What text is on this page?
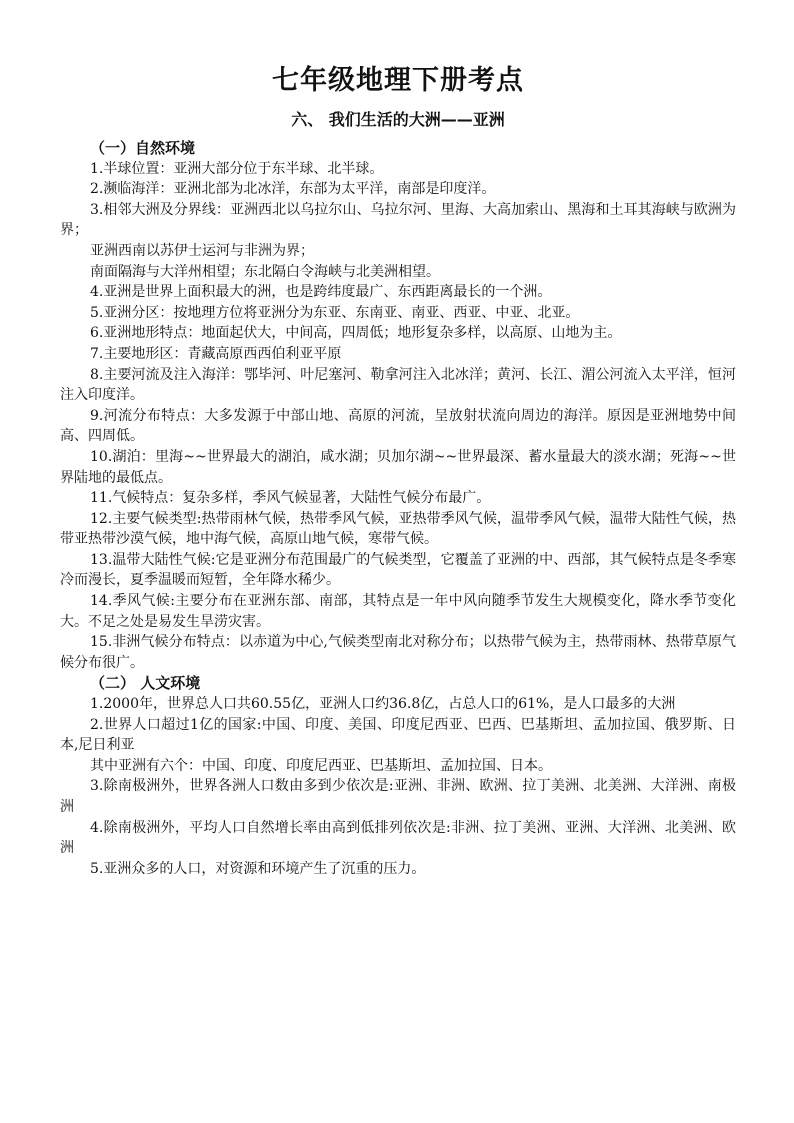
七年级地理下册考点
六、 我们生活的大洲——亚洲
（一）自然环境

1.半球位置：亚洲大部分位于东半球、北半球。

2.濒临海洋：亚洲北部为北冰洋，东部为太平洋，南部是印度洋。

3.相邻大洲及分界线：亚洲西北以乌拉尔山、乌拉尔河、里海、大高加索山、黑海和土耳其海峡与欧洲为界；

亚洲西南以苏伊士运河与非洲为界；

南面隔海与大洋州相望；东北隔白令海峡与北美洲相望。

4.亚洲是世界上面积最大的洲，也是跨纬度最广、东西距离最长的一个洲。

5.亚洲分区：按地理方位将亚洲分为东亚、东南亚、南亚、西亚、中亚、北亚。

6.亚洲地形特点：地面起伏大，中间高，四周低；地形复杂多样，以高原、山地为主。

7.主要地形区：青藏高原西西伯利亚平原

8.主要河流及注入海洋：鄂毕河、叶尼塞河、勒拿河注入北冰洋；黄河、长江、湄公河流入太平洋，恒河注入印度洋。

9.河流分布特点：大多发源于中部山地、高原的河流，呈放射状流向周边的海洋。原因是亚洲地势中间高、四周低。

10.湖泊：里海~~世界最大的湖泊，咸水湖；贝加尔湖~~世界最深、蓄水量最大的淡水湖；死海~~世界陆地的最低点。

11.气候特点：复杂多样，季风气候显著，大陆性气候分布最广。

12.主要气候类型:热带雨林气候，热带季风气候，亚热带季风气候，温带季风气候，温带大陆性气候，热带亚热带沙漠气候，地中海气候，高原山地气候，寒带气候。

13.温带大陆性气候:它是亚洲分布范围最广的气候类型，它覆盖了亚洲的中、西部，其气候特点是冬季寒冷而漫长，夏季温暖而短暂，全年降水稀少。

14.季风气候:主要分布在亚洲东部、南部，其特点是一年中风向随季节发生大规模变化，降水季节变化大。不足之处是易发生旱涝灾害。

15.非洲气候分布特点：以赤道为中心,气候类型南北对称分布；以热带气候为主，热带雨林、热带草原气候分布很广。

（二） 人文环境

1.2000年，世界总人口共60.55亿，亚洲人口约36.8亿，占总人口的61%，是人口最多的大洲

2.世界人口超过1亿的国家:中国、印度、美国、印度尼西亚、巴西、巴基斯坦、孟加拉国、俄罗斯、日本,尼日利亚

其中亚洲有六个：中国、印度、印度尼西亚、巴基斯坦、孟加拉国、日本。

3.除南极洲外，世界各洲人口数由多到少依次是:亚洲、非洲、欧洲、拉丁美洲、北美洲、大洋洲、南极洲

4.除南极洲外，平均人口自然增长率由高到低排列依次是:非洲、拉丁美洲、亚洲、大洋洲、北美洲、欧洲

5.亚洲众多的人口，对资源和环境产生了沉重的压力。
